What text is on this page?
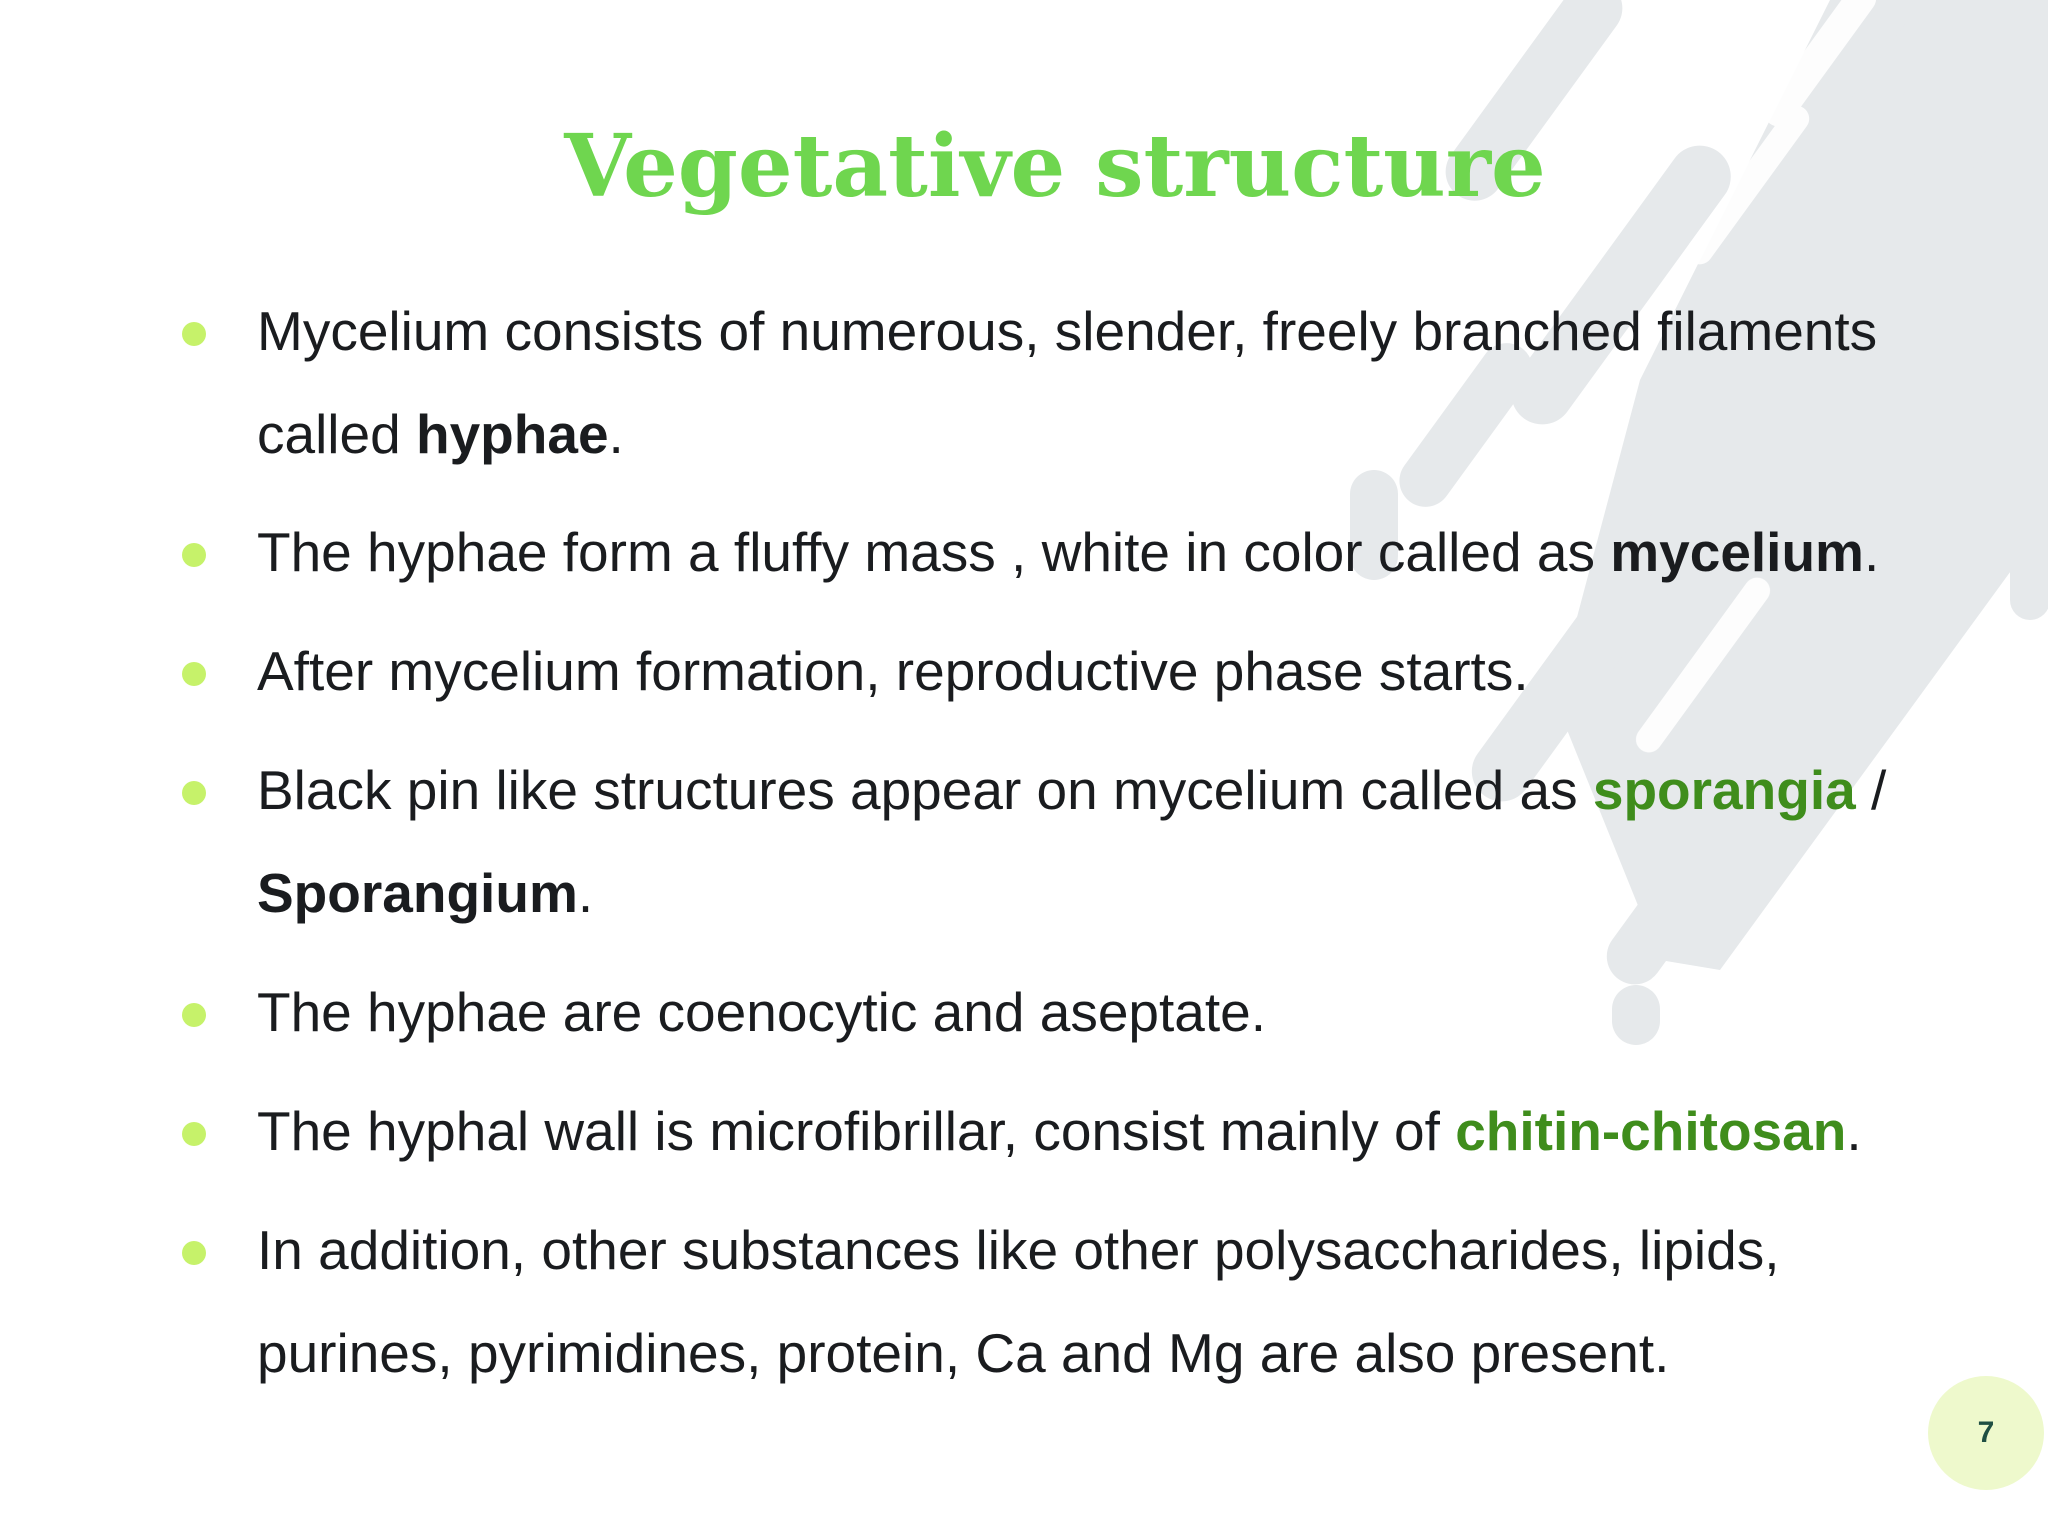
Vegetative structure

Mycelium consists of numerous, slender, freely branched filaments
called hyphae.

The hyphae form a fluffy mass , white in color called as mycelium.

After mycelium formation, reproductive phase starts.

Black pin like structures appear on mycelium called as sporangia /
Sporangium.

The hyphae are coenocytic and aseptate.

The hyphal wall is microfibrillar, consist mainly of chitin-chitosan.

In addition, other substances like other polysaccharides, lipids,
purines, pyrimidines, protein, Ca and Mg are also present.

7
